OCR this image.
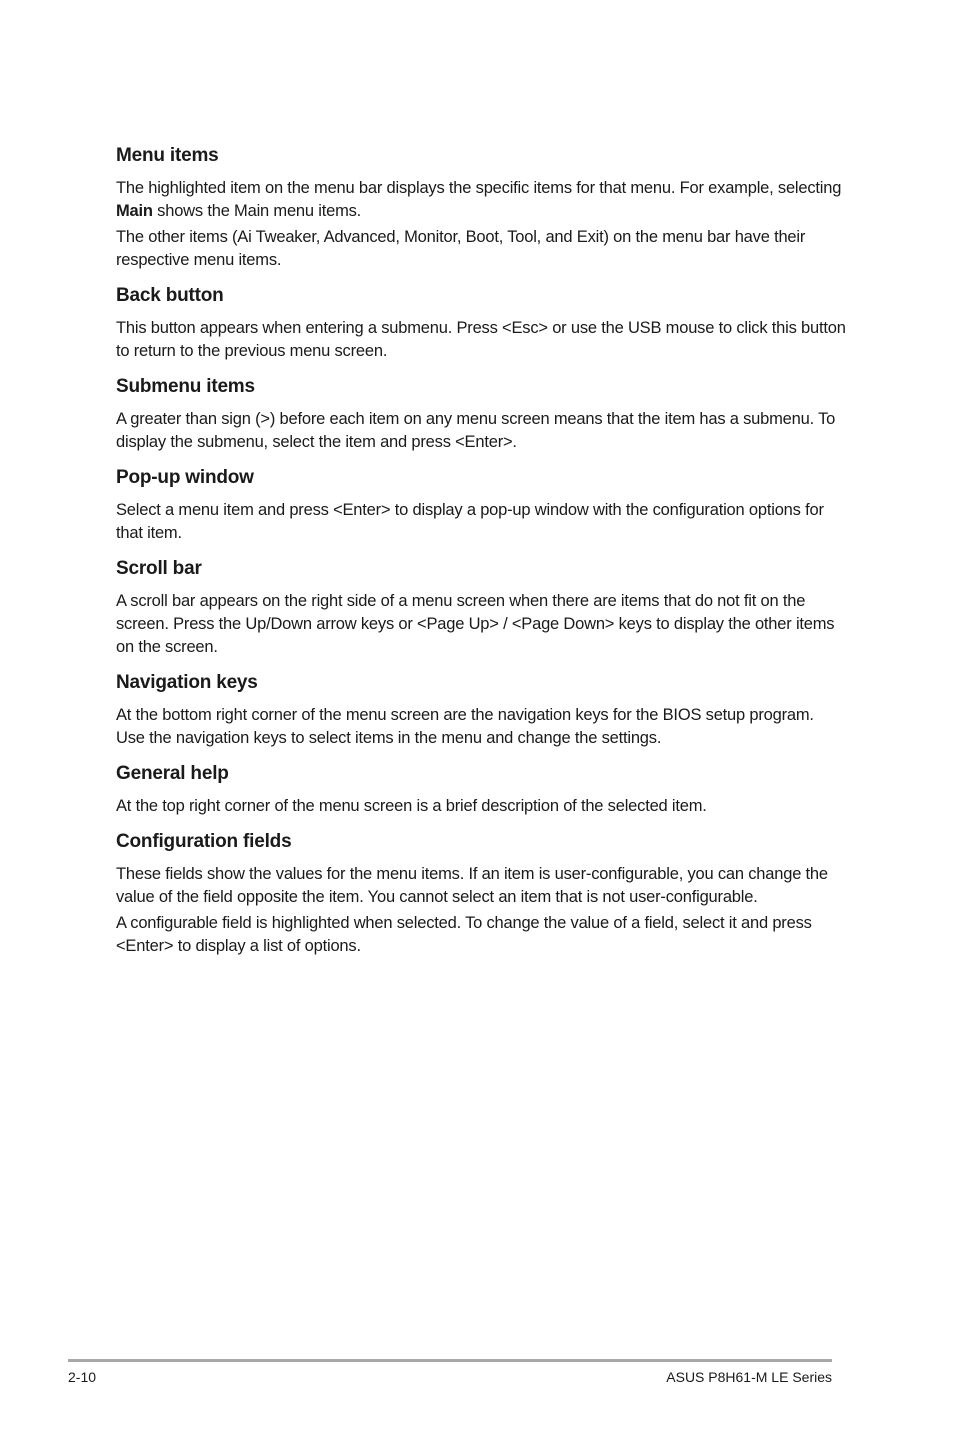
Menu items

The highlighted item on the menu bar displays the specific items for that menu. For example, selecting Main shows the Main menu items.

The other items (Ai Tweaker, Advanced, Monitor, Boot, Tool, and Exit) on the menu bar have their respective menu items.

Back button

This button appears when entering a submenu. Press <Esc> or use the USB mouse to click this button to return to the previous menu screen.

Submenu items

A greater than sign (>) before each item on any menu screen means that the item has a submenu. To display the submenu, select the item and press <Enter>.

Pop-up window

Select a menu item and press <Enter> to display a pop-up window with the configuration options for that item.

Scroll bar

A scroll bar appears on the right side of a menu screen when there are items that do not fit on the screen. Press the Up/Down arrow keys or <Page Up> / <Page Down> keys to display the other items on the screen.

Navigation keys

At the bottom right corner of the menu screen are the navigation keys for the BIOS setup program. Use the navigation keys to select items in the menu and change the settings.

General help

At the top right corner of the menu screen is a brief description of the selected item.

Configuration fields

These fields show the values for the menu items. If an item is user-configurable, you can change the value of the field opposite the item. You cannot select an item that is not user-configurable.

A configurable field is highlighted when selected. To change the value of a field, select it and press <Enter> to display a list of options.

2-10	ASUS P8H61-M LE Series
